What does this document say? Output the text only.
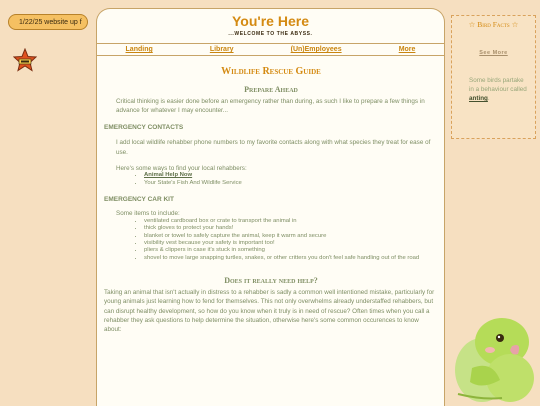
1/22/25 website up f	You're Here
...WELCOME TO THE ABYSS.
Landing	Library	(Un)Employees	More
Wildlife Rescue Guide
Prepare Ahead

Critical thinking is easier done before an emergency rather than during, as such I like to prepare a few things in advance for whatever I may encounter...

EMERGENCY CONTACTS

I add local wildlife rehabber phone numbers to my favorite contacts along with what species they treat for ease of use.

Here's some ways to find your local rehabbers:

• Animal Help Now
• Your State's Fish And Wildlife Service
EMERGENCY CAR KIT

Some items to include:

• ventilated cardboard box or crate to transport the animal in
• thick gloves to protect your hands!
• blanket or towel to safely capture the animal, keep it warm and secure
• visibility vest because your safety is important too!
• pliers & clippers in case it's stuck in something
• shovel to move large snapping turtles, snakes, or other critters you don't feel safe handling out of the road
Does it really need help?

Taking an animal that isn't actually in distress to a rehabber is sadly a common well intentioned mistake, particularly for young animals just learning how to fend for themselves. This not only overwhelms already understaffed rehabbers, but can disrupt healthy development, so how do you know when it truly is in need of rescue? Often times when you call a rehabber they ask questions to help determine the situation, otherwise here's some common occurences to know about:

☆ Bird Facts ☆
See More
Some birds partake in a behaviour called anting.
